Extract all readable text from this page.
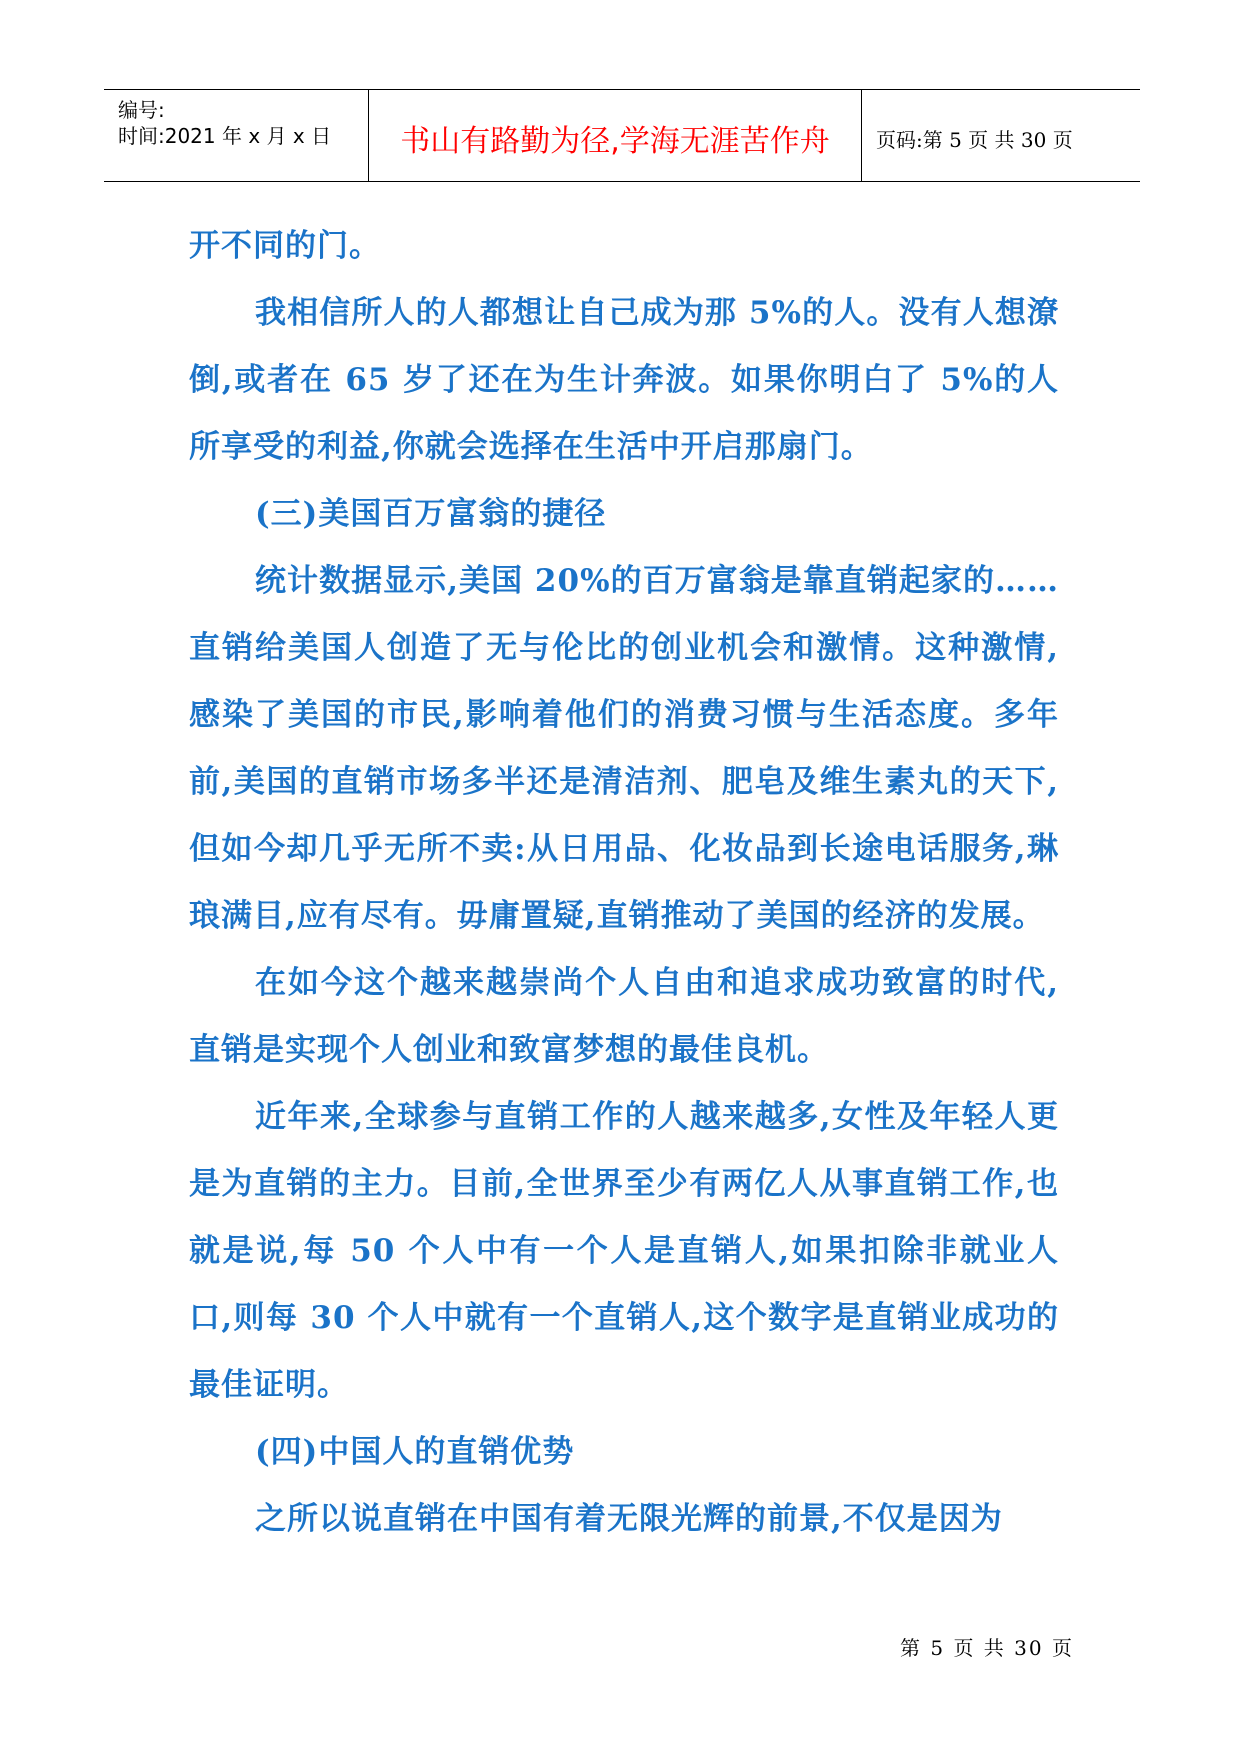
编号:
时间:2021 年 x 月 x 日	书山有路勤为径,学海无涯苦作舟	页码:第 5 页 共 30 页

开不同的门。

我相信所人的人都想让自己成为那 5%的人。没有人想潦倒,或者在 65 岁了还在为生计奔波。如果你明白了 5%的人所享受的利益,你就会选择在生活中开启那扇门。

(三)美国百万富翁的捷径

统计数据显示,美国 20%的百万富翁是靠直销起家的……直销给美国人创造了无与伦比的创业机会和激情。这种激情,感染了美国的市民,影响着他们的消费习惯与生活态度。多年前,美国的直销市场多半还是清洁剂、肥皂及维生素丸的天下,但如今却几乎无所不卖:从日用品、化妆品到长途电话服务,琳琅满目,应有尽有。毋庸置疑,直销推动了美国的经济的发展。

在如今这个越来越崇尚个人自由和追求成功致富的时代,直销是实现个人创业和致富梦想的最佳良机。

近年来,全球参与直销工作的人越来越多,女性及年轻人更是为直销的主力。目前,全世界至少有两亿人从事直销工作,也就是说,每 50 个人中有一个人是直销人,如果扣除非就业人口,则每 30 个人中就有一个直销人,这个数字是直销业成功的最佳证明。

(四)中国人的直销优势

之所以说直销在中国有着无限光辉的前景,不仅是因为

第 5 页 共 30 页
